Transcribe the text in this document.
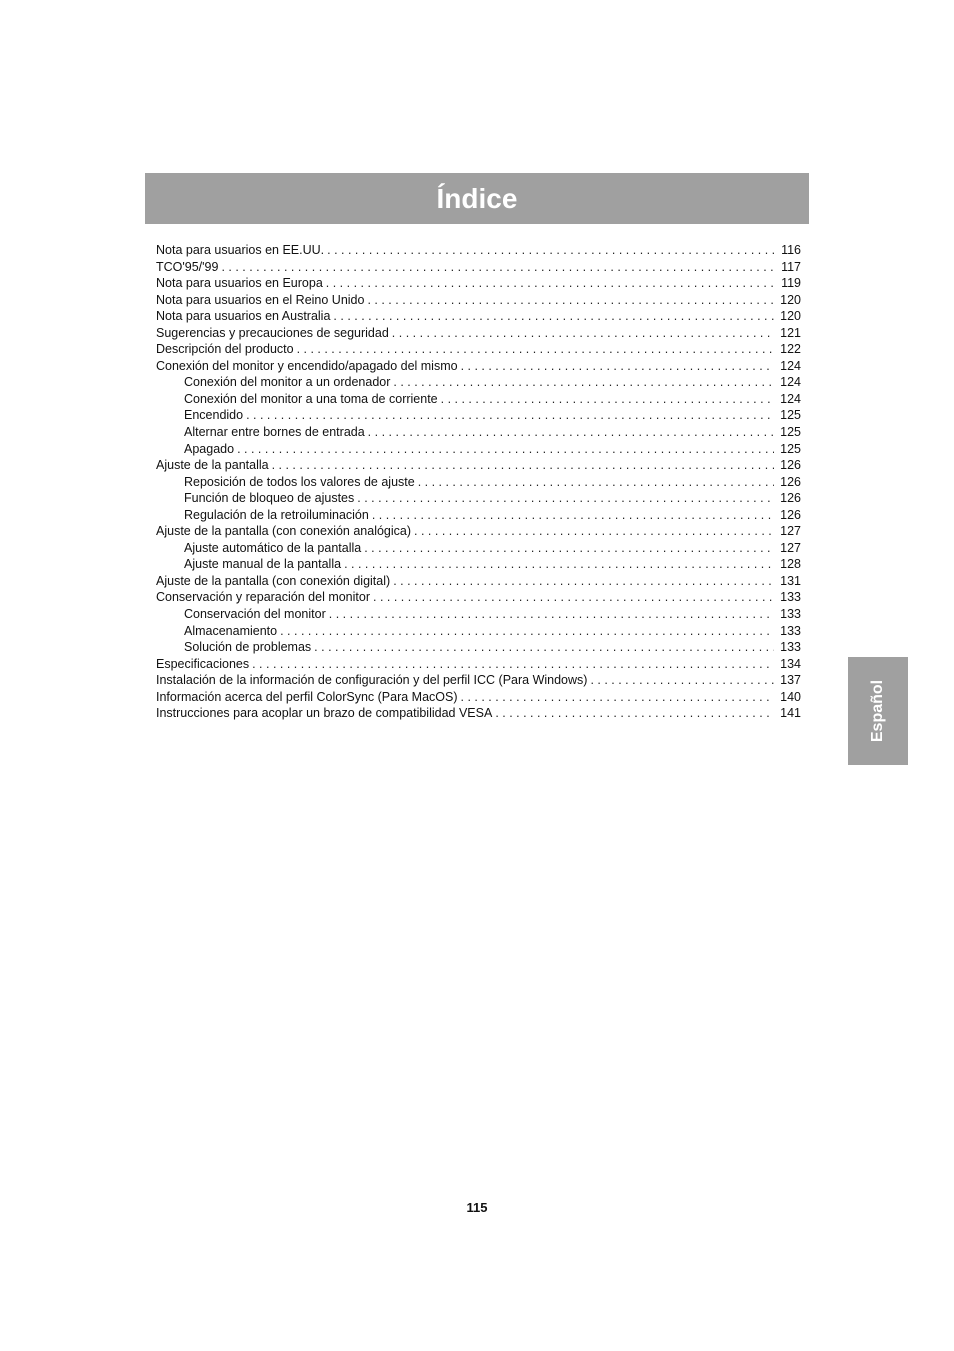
Índice
Nota para usuarios en EE.UU. . . .	116
TCO'95/'99 . . .	117
Nota para usuarios en Europa . . .	119
Nota para usuarios en el Reino Unido . . .	120
Nota para usuarios en Australia . . .	120
Sugerencias y precauciones de seguridad . . .	121
Descripción del producto . . .	122
Conexión del monitor y encendido/apagado del mismo . . .	124
Conexión del monitor a un ordenador . . .	124
Conexión del monitor a una toma de corriente . . .	124
Encendido . . .	125
Alternar entre bornes de entrada . . .	125
Apagado . . .	125
Ajuste de la pantalla . . .	126
Reposición de todos los valores de ajuste . . .	126
Función de bloqueo de ajustes . . .	126
Regulación de la retroiluminación . . .	126
Ajuste de la pantalla (con conexión analógica) . . .	127
Ajuste automático de la pantalla . . .	127
Ajuste manual de la pantalla . . .	128
Ajuste de la pantalla (con conexión digital) . . .	131
Conservación y reparación del monitor . . .	133
Conservación del monitor . . .	133
Almacenamiento . . .	133
Solución de problemas . . .	133
Especificaciones . . .	134
Instalación de la información de configuración y del perfil ICC (Para Windows) . . .	137
Información acerca del perfil ColorSync (Para MacOS) . . .	140
Instrucciones para acoplar un brazo de compatibilidad VESA . . .	141	Español
115
